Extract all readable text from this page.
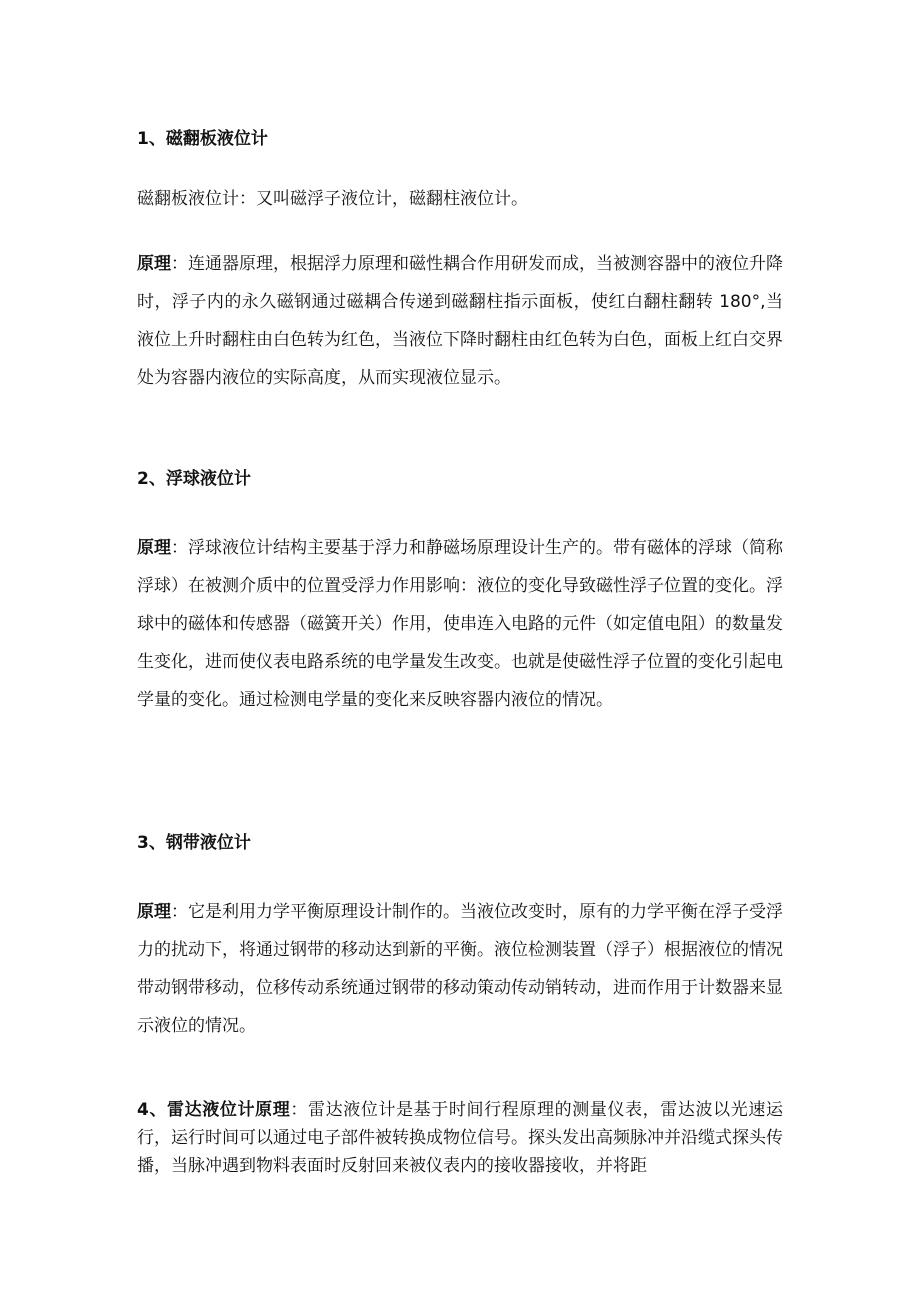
1、磁翻板液位计
磁翻板液位计：又叫磁浮子液位计，磁翻柱液位计。

原理：连通器原理，根据浮力原理和磁性耦合作用研发而成，当被测容器中的液位升降时，浮子内的永久磁钢通过磁耦合传递到磁翻柱指示面板，使红白翻柱翻转 180°,当液位上升时翻柱由白色转为红色，当液位下降时翻柱由红色转为白色，面板上红白交界处为容器内液位的实际高度，从而实现液位显示。

2、浮球液位计

原理：浮球液位计结构主要基于浮力和静磁场原理设计生产的。带有磁体的浮球（简称浮球）在被测介质中的位置受浮力作用影响：液位的变化导致磁性浮子位置的变化。浮球中的磁体和传感器（磁簧开关）作用，使串连入电路的元件（如定值电阻）的数量发生变化，进而使仪表电路系统的电学量发生改变。也就是使磁性浮子位置的变化引起电学量的变化。通过检测电学量的变化来反映容器内液位的情况。

3、钢带液位计

原理：它是利用力学平衡原理设计制作的。当液位改变时，原有的力学平衡在浮子受浮力的扰动下，将通过钢带的移动达到新的平衡。液位检测装置（浮子）根据液位的情况带动钢带移动，位移传动系统通过钢带的移动策动传动销转动，进而作用于计数器来显示液位的情况。

4、雷达液位计原理：雷达液位计是基于时间行程原理的测量仪表，雷达波以光速运行，运行时间可以通过电子部件被转换成物位信号。探头发出高频脉冲并沿缆式探头传播，当脉冲遇到物料表面时反射回来被仪表内的接收器接收，并将距
